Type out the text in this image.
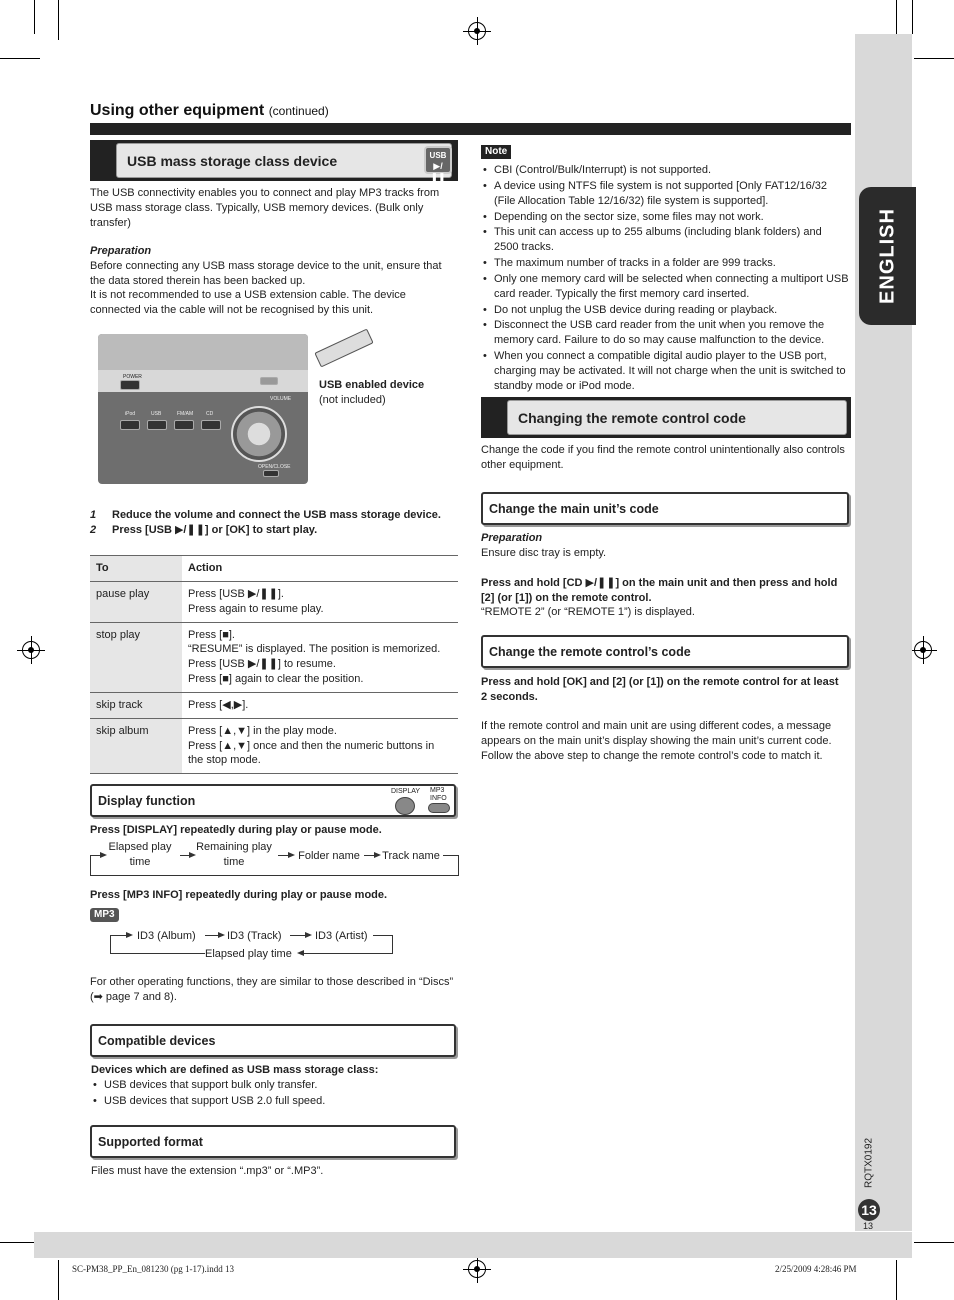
ENGLISH
RQTX0192
13
13
Using other equipment (continued)
USB mass storage class device	USB
▶/❚❚
The USB connectivity enables you to connect and play MP3 tracks from USB mass storage class. Typically, USB memory devices. (Bulk only transfer)
Preparation
Before connecting any USB mass storage device to the unit, ensure that the data stored therein has been backed up.
It is not recommended to use a USB extension cable. The device connected via the cable will not be recognised by this unit.
POWER
iPod	USB	FM/AM	CD
VOLUME
OPEN/CLOSE
USB enabled device
(not included)
1 Reduce the volume and connect the USB mass storage device.
2 Press [USB ▶/❚❚] or [OK] to start play.
To	Action
pause play	Press [USB ▶/❚❚].
Press again to resume play.

stop play	Press [■].
“RESUME” is displayed. The position is memorized.
Press [USB ▶/❚❚] to resume.
Press [■] again to clear the position.

skip track	Press [◀,▶].

skip album	Press [▲,▼] in the play mode.
Press [▲,▼] once and then the numeric buttons in the stop mode.
Display function
DISPLAY MP3 INFO
Press [DISPLAY] repeatedly during play or pause mode.
Elapsed play time
Remaining play time	Folder name	Track name
Press [MP3 INFO] repeatedly during play or pause mode.
MP3
ID3 (Album)	ID3 (Track)	ID3 (Artist)
Elapsed play time
For other operating functions, they are similar to those described in “Discs” (➡ page 7 and 8).
Compatible devices
Devices which are defined as USB mass storage class:
• USB devices that support bulk only transfer.
• USB devices that support USB 2.0 full speed.
Supported format
Files must have the extension “.mp3” or “.MP3”.
Note
• CBI (Control/Bulk/Interrupt) is not supported.
• A device using NTFS file system is not supported [Only FAT12/16/32 (File Allocation Table 12/16/32) file system is supported].
• Depending on the sector size, some files may not work.
• This unit can access up to 255 albums (including blank folders) and 2500 tracks.
• The maximum number of tracks in a folder are 999 tracks.
• Only one memory card will be selected when connecting a multiport USB card reader. Typically the first memory card inserted.
• Do not unplug the USB device during reading or playback.
• Disconnect the USB card reader from the unit when you remove the memory card. Failure to do so may cause malfunction to the device.
• When you connect a compatible digital audio player to the USB port, charging may be activated. It will not charge when the unit is switched to standby mode or iPod mode.
Changing the remote control code
Change the code if you find the remote control unintentionally also controls other equipment.
Change the main unit’s code
Preparation
Ensure disc tray is empty.
Press and hold [CD ▶/❚❚] on the main unit and then press and hold [2] (or [1]) on the remote control.
“REMOTE 2” (or “REMOTE 1”) is displayed.
Change the remote control’s code
Press and hold [OK] and [2] (or [1]) on the remote control for at least 2 seconds.
If the remote control and main unit are using different codes, a message appears on the main unit’s display showing the main unit’s current code. Follow the above step to change the remote control’s code to match it.
SC-PM38_PP_En_081230 (pg 1-17).indd 13	2/25/2009 4:28:46 PM
